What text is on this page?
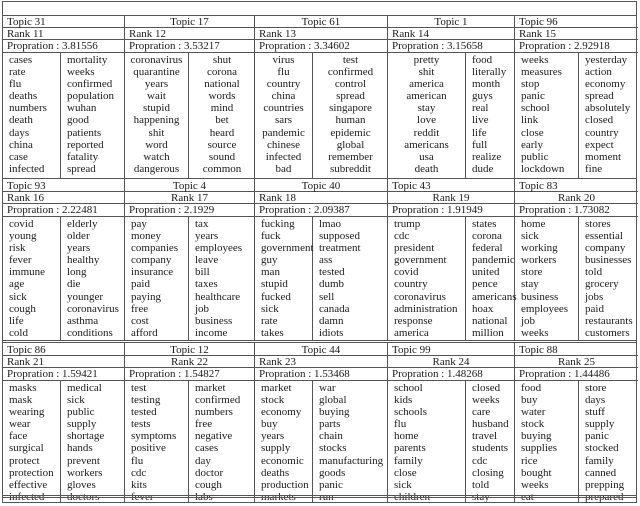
Topic 31
Rank 11
Propration : 3.81556
cases
rate
flu
deaths
numbers
death
days
china
case
infected
mortality
weeks
confirmed
population
wuhan
good
patients
reported
fatality
spread
Topic 17
Rank 12
Propration : 3.53217
coronavirus
quarantine
years
wait
stupid
happening
shit
word
watch
dangerous
shut
corona
national
words
mind
bet
heard
source
sound
common
Topic 61
Rank 13
Propration : 3.34602
virus
flu
country
china
countries
sars
pandemic
chinese
infected
bad
test
confirmed
control
spread
singapore
human
epidemic
global
remember
subreddit
Topic 1
Rank 14
Propration : 3.15658
pretty
shit
america
american
stay
love
reddit
americans
usa
death
food
literally
month
guys
real
live
life
full
realize
dude
Topic 96
Rank 15
Propration : 2.92918
weeks
measures
stop
panic
school
link
close
early
public
lockdown
yesterday
action
economy
spread
absolutely
closed
country
expect
moment
fine
Topic 93
Rank 16
Propration : 2.22481
covid
young
risk
fever
immune
age
sick
cough
life
cold
elderly
older
years
healthy
long
die
younger
coronavirus
asthma
conditions
Topic 4
Rank 17
Propration : 2.1929
pay
money
companies
company
insurance
paid
paying
free
cost
afford
tax
years
employees
leave
bill
taxes
healthcare
job
business
income
Topic 40
Rank 18
Propration : 2.09387
fucking
fuck
government
guy
man
stupid
fucked
sick
rate
takes
lmao
supposed
treatment
ass
tested
dumb
sell
canada
damn
idiots
Topic 43
Rank 19
Propration : 1.91949
trump
cdc
president
government
covid
country
coronavirus
administration
response
america
states
corona
federal
pandemic
united
pence
americans
hoax
national
million
Topic 83
Rank 20
Propration : 1.73082
home
sick
working
workers
store
stay
business
employees
job
weeks
stores
essential
company
businesses
told
grocery
jobs
paid
restaurants
customers
Topic 86
Rank 21
Propration : 1.59421
masks
mask
wearing
wear
face
surgical
protect
protection
effective
infected
medical
sick
public
supply
shortage
hands
prevent
workers
gloves
doctors
Topic 12
Rank 22
Propration : 1.54827
test
testing
tested
tests
symptoms
positive
flu
cdc
kits
fever
market
confirmed
numbers
free
negative
cases
day
doctor
cough
labs
Topic 44
Rank 23
Propration : 1.53468
market
stock
economy
buy
years
supply
economic
deaths
production
markets
war
global
buying
parts
chain
stocks
manufacturing
goods
panic
run
Topic 99
Rank 24
Propration : 1.48268
school
kids
schools
flu
home
parents
family
close
sick
children
closed
weeks
care
husband
travel
students
cdc
closing
told
stay
Topic 88
Rank 25
Propration : 1.44486
food
buy
water
stock
buying
supplies
rice
bought
weeks
eat
store
days
stuff
supply
panic
stocked
family
canned
prepping
prepared
